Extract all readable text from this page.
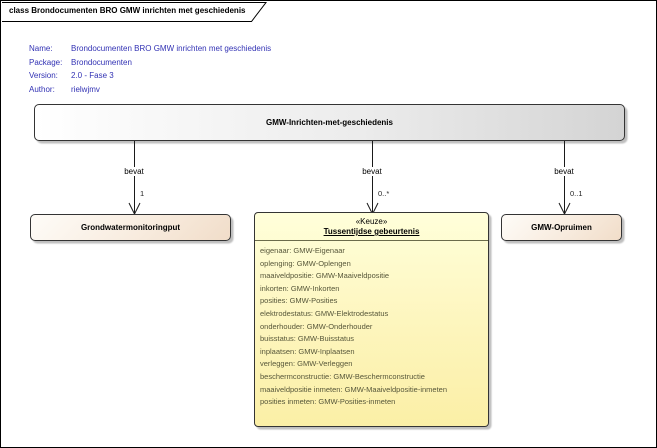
class Brondocumenten BRO GMW inrichten met geschiedenis
Name: Brondocumenten BRO GMW inrichten met geschiedenis
Package: Brondocumenten
Version: 2.0 - Fase 3
Author: rielwjmv
GMW-Inrichten-met-geschiedenis
bevat
1
bevat
0..*
bevat
0..1
Grondwatermonitoringput
«Keuze»
Tussentijdse gebeurtenis
eigenaar: GMW-Eigenaar
oplenging: GMW-Oplengen
maaiveldpositie: GMW-Maaiveldpositie
inkorten: GMW-Inkorten
posities: GMW-Posities
elektrodestatus: GMW-Elektrodestatus
onderhouder: GMW-Onderhouder
buisstatus: GMW-Buisstatus
inplaatsen: GMW-Inplaatsen
verleggen: GMW-Verleggen
beschermconstructie: GMW-Beschermconstructie
maaiveldpositie inmeten: GMW-Maaiveldpositie-inmeten
posities inmeten: GMW-Posities-inmeten
GMW-Opruimen
